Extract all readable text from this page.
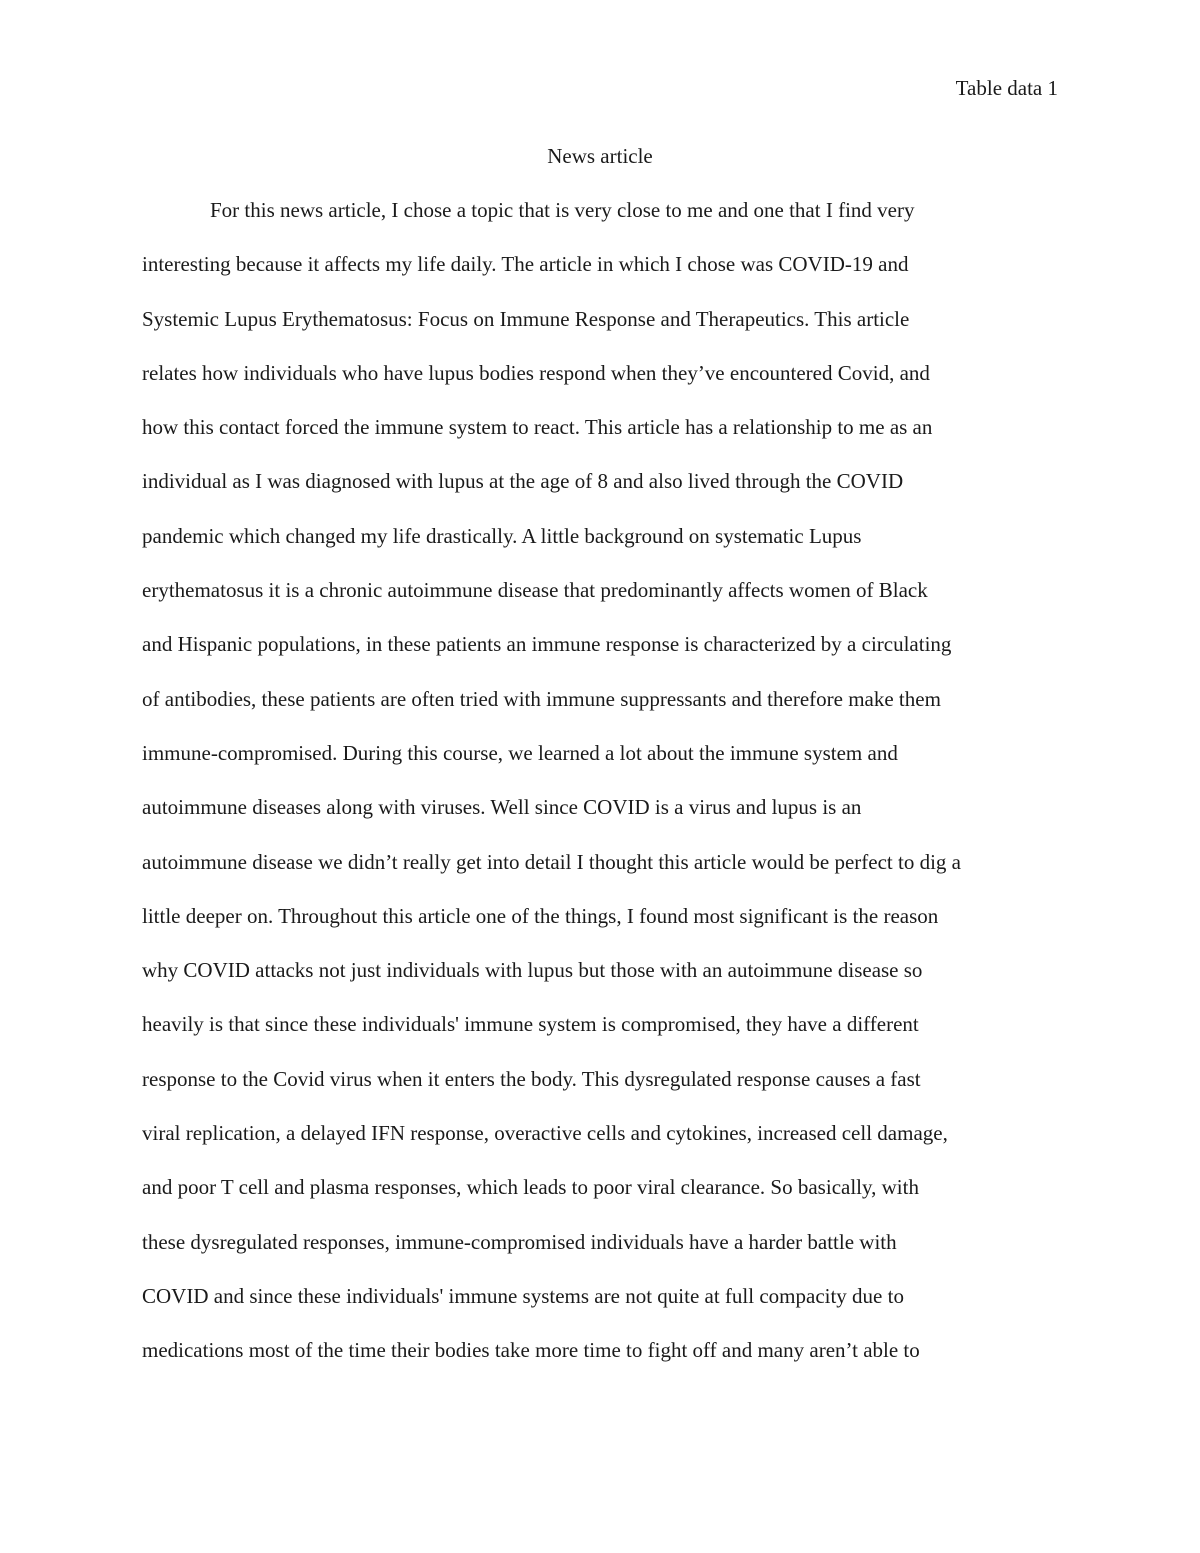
Table data 1
News article
For this news article, I chose a topic that is very close to me and one that I find very
interesting because it affects my life daily. The article in which I chose was COVID-19 and
Systemic Lupus Erythematosus: Focus on Immune Response and Therapeutics. This article
relates how individuals who have lupus bodies respond when they’ve encountered Covid, and
how this contact forced the immune system to react. This article has a relationship to me as an
individual as I was diagnosed with lupus at the age of 8 and also lived through the COVID
pandemic which changed my life drastically. A little background on systematic Lupus
erythematosus it is a chronic autoimmune disease that predominantly affects women of Black
and Hispanic populations, in these patients an immune response is characterized by a circulating
of antibodies, these patients are often tried with immune suppressants and therefore make them
immune-compromised. During this course, we learned a lot about the immune system and
autoimmune diseases along with viruses. Well since COVID is a virus and lupus is an
autoimmune disease we didn’t really get into detail I thought this article would be perfect to dig a
little deeper on. Throughout this article one of the things, I found most significant is the reason
why COVID attacks not just individuals with lupus but those with an autoimmune disease so
heavily is that since these individuals' immune system is compromised, they have a different
response to the Covid virus when it enters the body. This dysregulated response causes a fast
viral replication, a delayed IFN response, overactive cells and cytokines, increased cell damage,
and poor T cell and plasma responses, which leads to poor viral clearance. So basically, with
these dysregulated responses, immune-compromised individuals have a harder battle with
COVID and since these individuals' immune systems are not quite at full compacity due to
medications most of the time their bodies take more time to fight off and many aren’t able to
